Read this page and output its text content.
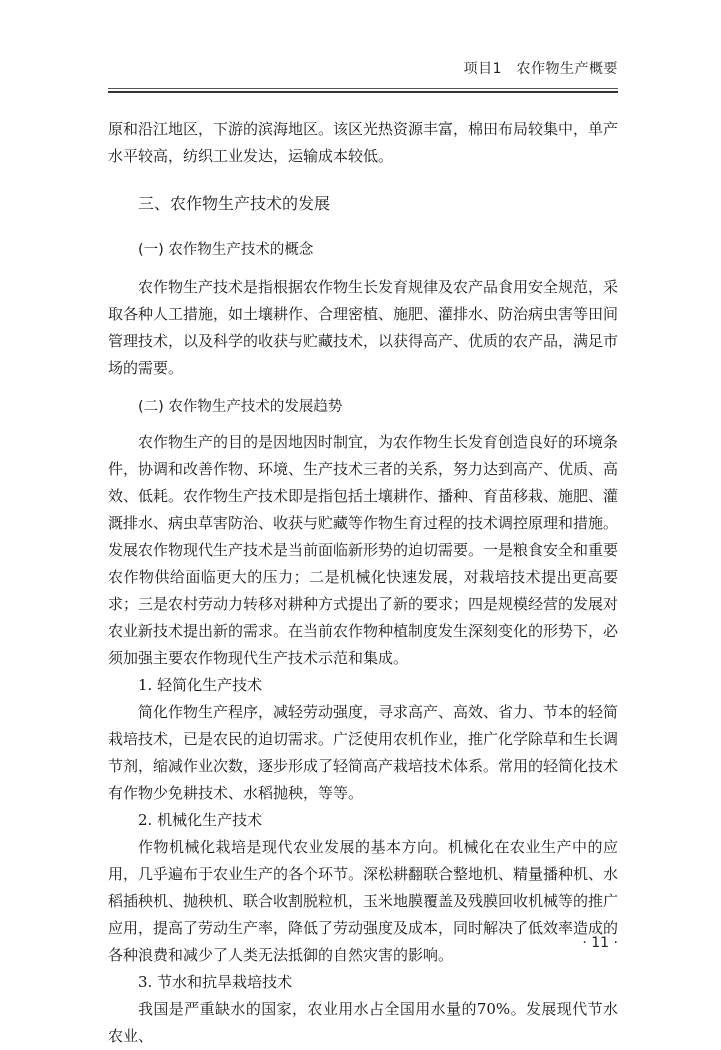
项目1　农作物生产概要

原和沿江地区，下游的滨海地区。该区光热资源丰富，棉田布局较集中，单产水平较高，纺织工业发达，运输成本较低。

三、农作物生产技术的发展

(一) 农作物生产技术的概念

农作物生产技术是指根据农作物生长发育规律及农产品食用安全规范，采取各种人工措施，如土壤耕作、合理密植、施肥、灌排水、防治病虫害等田间管理技术，以及科学的收获与贮藏技术，以获得高产、优质的农产品，满足市场的需要。

(二) 农作物生产技术的发展趋势

农作物生产的目的是因地因时制宜，为农作物生长发育创造良好的环境条件，协调和改善作物、环境、生产技术三者的关系，努力达到高产、优质、高效、低耗。农作物生产技术即是指包括土壤耕作、播种、育苗移栽、施肥、灌溉排水、病虫草害防治、收获与贮藏等作物生育过程的技术调控原理和措施。发展农作物现代生产技术是当前面临新形势的迫切需要。一是粮食安全和重要农作物供给面临更大的压力；二是机械化快速发展，对栽培技术提出更高要求；三是农村劳动力转移对耕种方式提出了新的要求；四是规模经营的发展对农业新技术提出新的需求。在当前农作物种植制度发生深刻变化的形势下，必须加强主要农作物现代生产技术示范和集成。

1. 轻简化生产技术

简化作物生产程序，减轻劳动强度，寻求高产、高效、省力、节本的轻简栽培技术，已是农民的迫切需求。广泛使用农机作业，推广化学除草和生长调节剂，缩减作业次数，逐步形成了轻简高产栽培技术体系。常用的轻简化技术有作物少免耕技术、水稻抛秧，等等。

2. 机械化生产技术

作物机械化栽培是现代农业发展的基本方向。机械化在农业生产中的应用，几乎遍布于农业生产的各个环节。深松耕翻联合整地机、精量播种机、水稻插秧机、抛秧机、联合收割脱粒机，玉米地膜覆盖及残膜回收机械等的推广应用，提高了劳动生产率，降低了劳动强度及成本，同时解决了低效率造成的各种浪费和减少了人类无法抵御的自然灾害的影响。

3. 节水和抗旱栽培技术

我国是严重缺水的国家，农业用水占全国用水量的70%。发展现代节水农业、

· 11 ·
